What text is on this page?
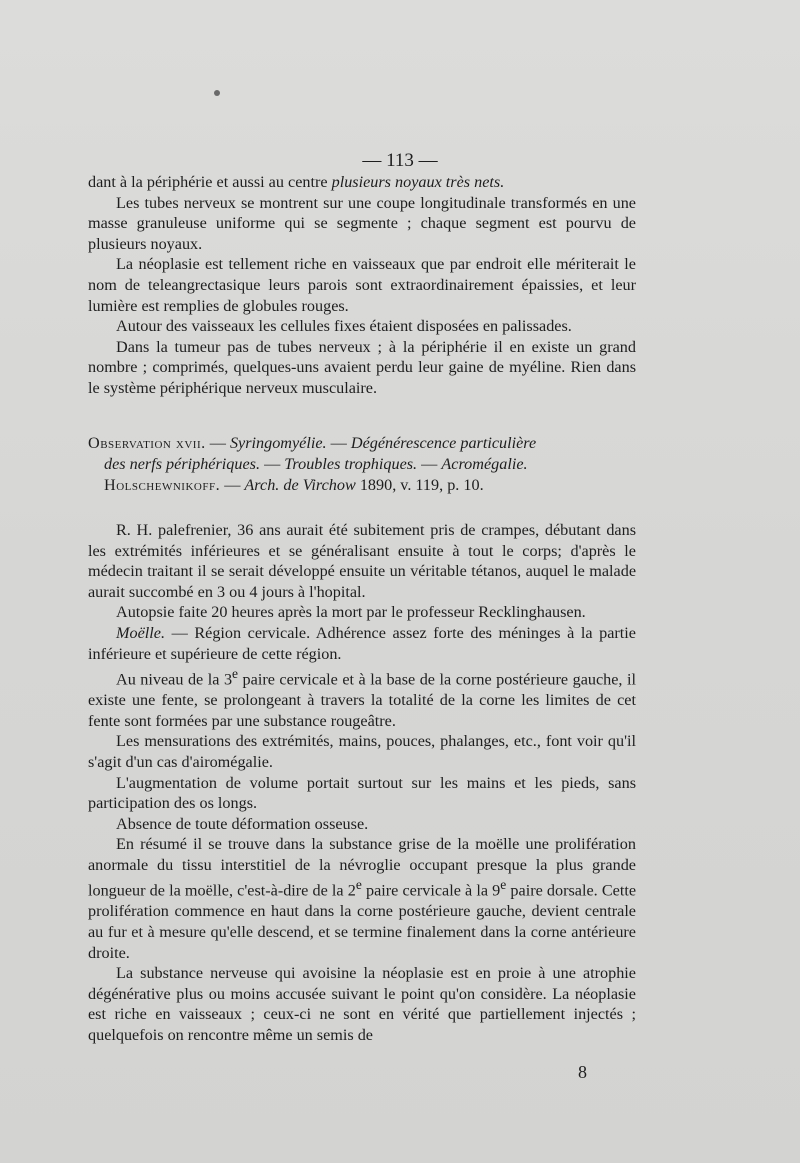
— 113 —

dant à la périphérie et aussi au centre plusieurs noyaux très nets.

Les tubes nerveux se montrent sur une coupe longitudinale transformés en une masse granuleuse uniforme qui se segmente ; chaque segment est pourvu de plusieurs noyaux.

La néoplasie est tellement riche en vaisseaux que par endroit elle mériterait le nom de teleangrectasique leurs parois sont extraordinairement épaissies, et leur lumière est remplies de globules rouges.

Autour des vaisseaux les cellules fixes étaient disposées en palissades.

Dans la tumeur pas de tubes nerveux ; à la périphérie il en existe un grand nombre ; comprimés, quelques-uns avaient perdu leur gaine de myéline. Rien dans le système périphérique nerveux musculaire.

Observation xvii. — Syringomyélie. — Dégénérescence particulière
des nerfs périphériques. — Troubles trophiques. — Acromégalie.
Holschewnikoff. — Arch. de Virchow 1890, v. 119, p. 10.

R. H. palefrenier, 36 ans aurait été subitement pris de crampes, débutant dans les extrémités inférieures et se généralisant ensuite à tout le corps; d'après le médecin traitant il se serait développé ensuite un véritable tétanos, auquel le malade aurait succombé en 3 ou 4 jours à l'hopital.

Autopsie faite 20 heures après la mort par le professeur Recklinghausen.

Moëlle. — Région cervicale. Adhérence assez forte des méninges à la partie inférieure et supérieure de cette région.

Au niveau de la 3e paire cervicale et à la base de la corne postérieure gauche, il existe une fente, se prolongeant à travers la totalité de la corne les limites de cet fente sont formées par une substance rougeâtre.

Les mensurations des extrémités, mains, pouces, phalanges, etc., font voir qu'il s'agit d'un cas d'airomégalie.

L'augmentation de volume portait surtout sur les mains et les pieds, sans participation des os longs.

Absence de toute déformation osseuse.

En résumé il se trouve dans la substance grise de la moëlle une prolifération anormale du tissu interstitiel de la névroglie occupant presque la plus grande longueur de la moëlle, c'est-à-dire de la 2e paire cervicale à la 9e paire dorsale. Cette prolifération commence en haut dans la corne postérieure gauche, devient centrale au fur et à mesure qu'elle descend, et se termine finalement dans la corne antérieure droite.

La substance nerveuse qui avoisine la néoplasie est en proie à une atrophie dégénérative plus ou moins accusée suivant le point qu'on considère. La néoplasie est riche en vaisseaux ; ceux-ci ne sont en vérité que partiellement injectés ; quelquefois on rencontre même un semis de

8
